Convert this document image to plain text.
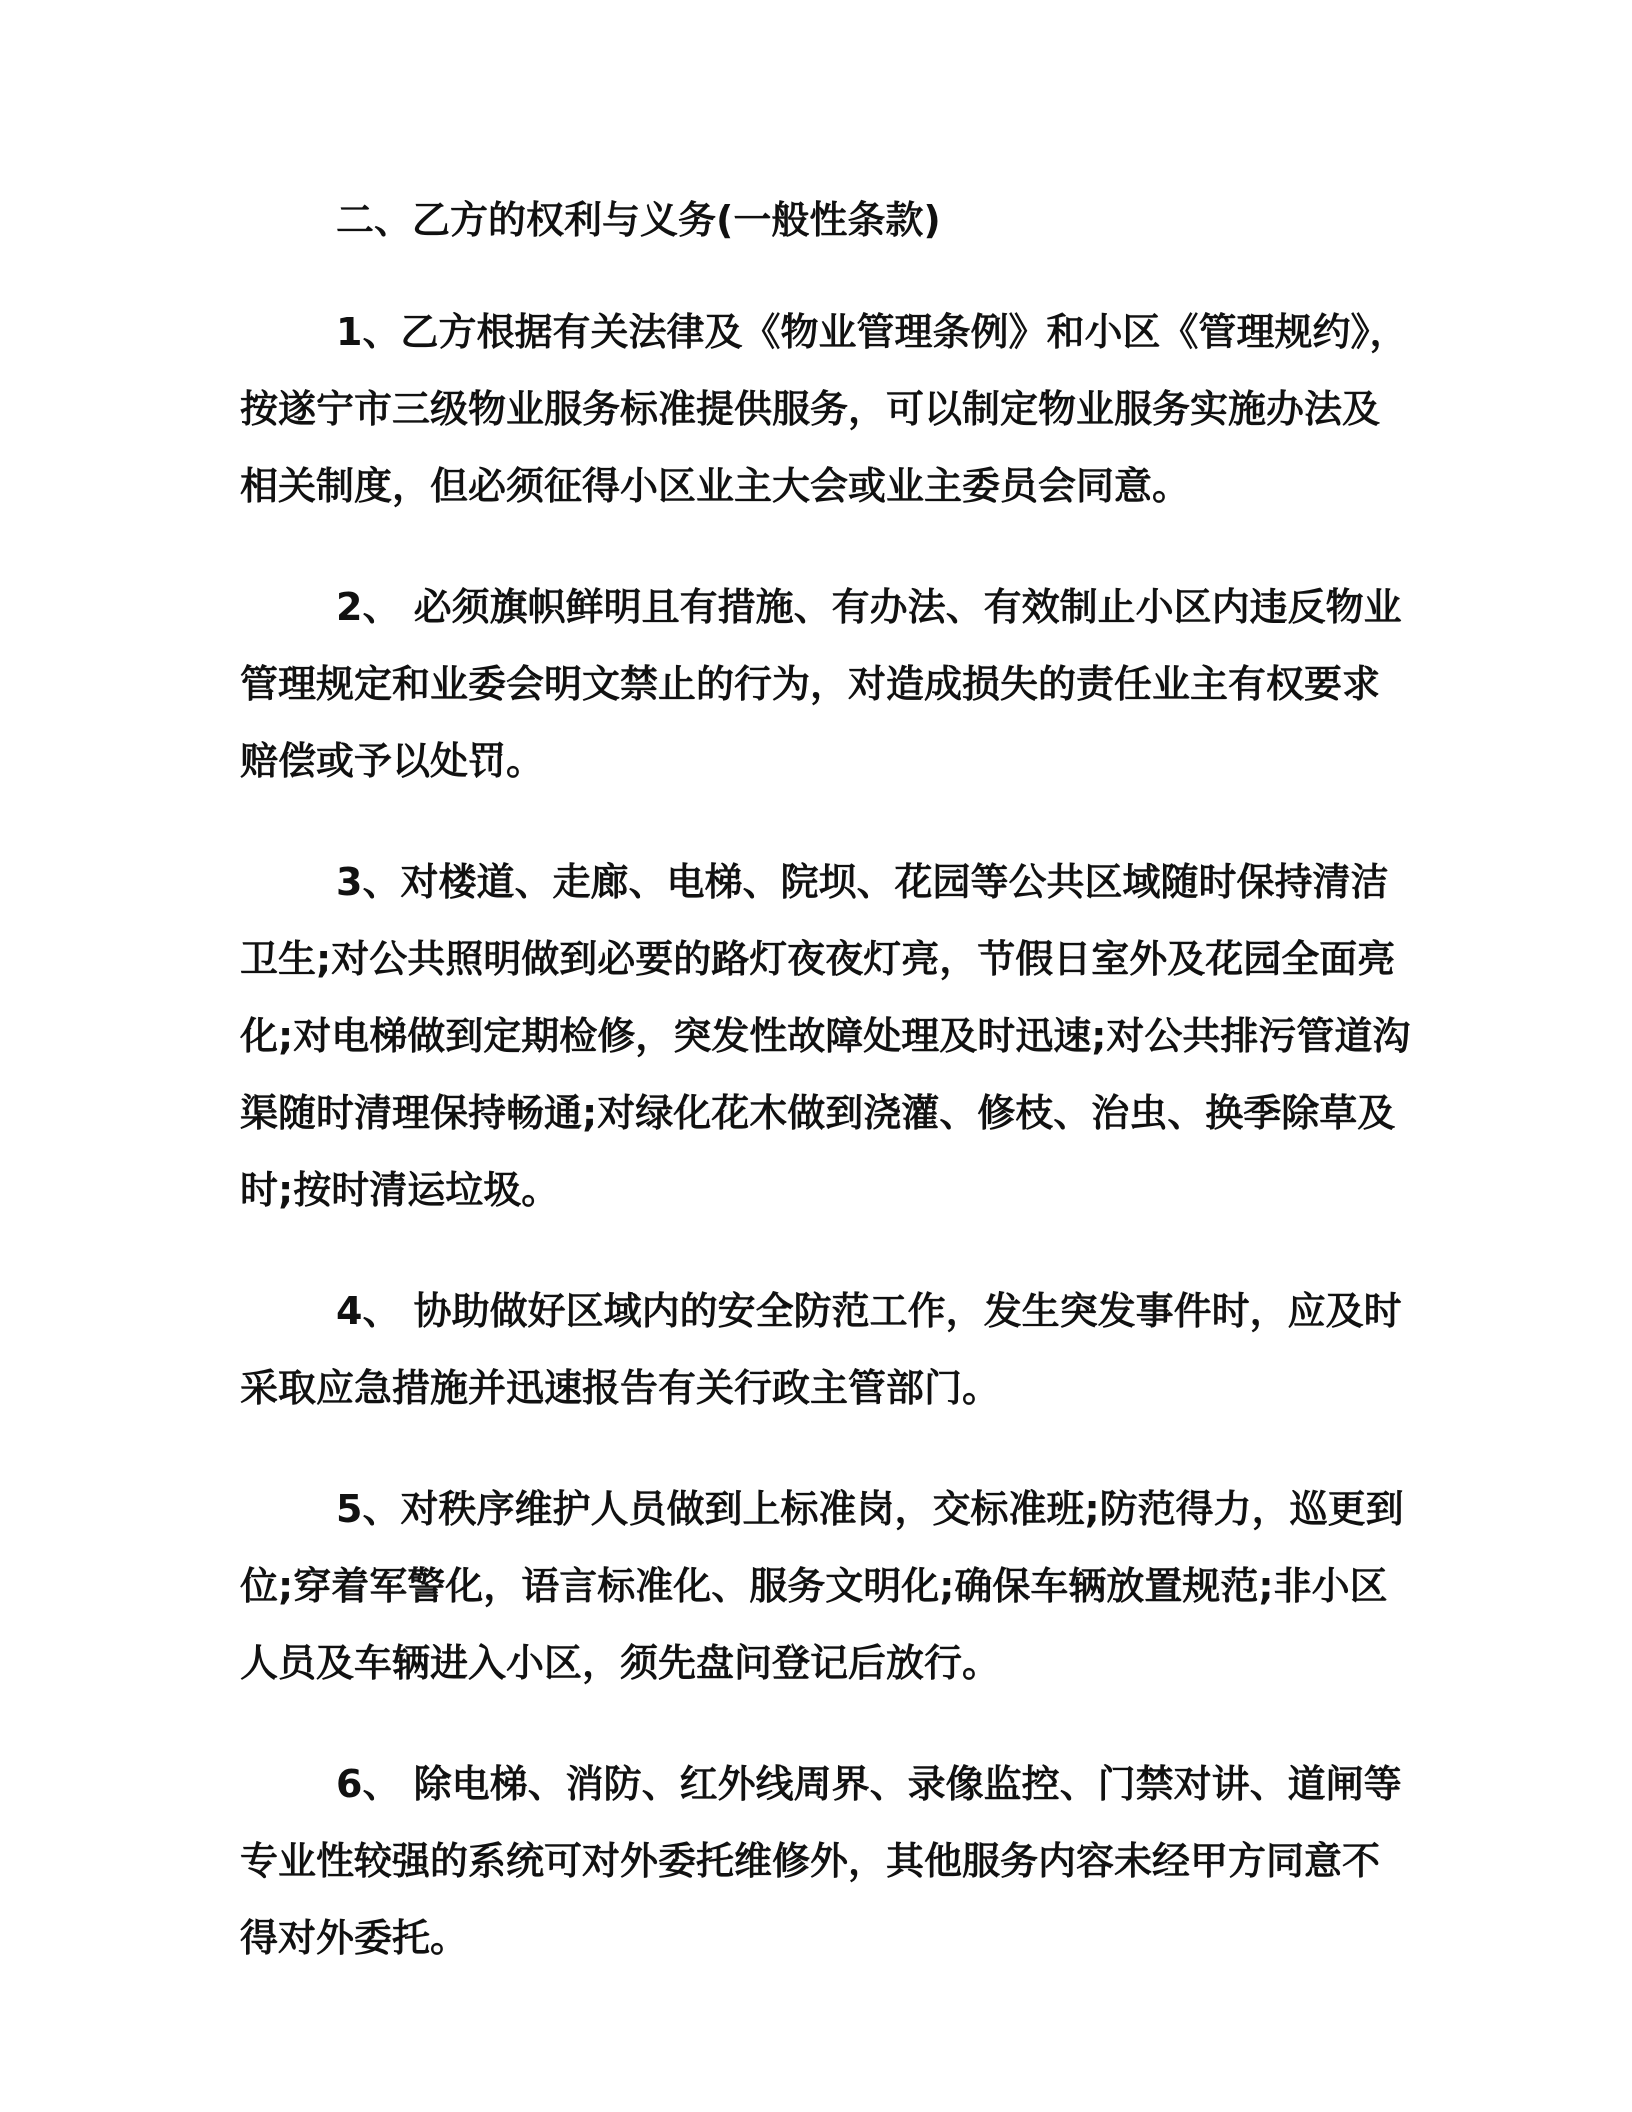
二、乙方的权利与义务(一般性条款)

1、乙方根据有关法律及《物业管理条例》和小区《管理规约》，
按遂宁市三级物业服务标准提供服务，可以制定物业服务实施办法及
相关制度，但必须征得小区业主大会或业主委员会同意。

2、 必须旗帜鲜明且有措施、有办法、有效制止小区内违反物业
管理规定和业委会明文禁止的行为，对造成损失的责任业主有权要求
赔偿或予以处罚。

3、对楼道、走廊、电梯、院坝、花园等公共区域随时保持清洁
卫生;对公共照明做到必要的路灯夜夜灯亮，节假日室外及花园全面亮
化;对电梯做到定期检修，突发性故障处理及时迅速;对公共排污管道沟
渠随时清理保持畅通;对绿化花木做到浇灌、修枝、治虫、换季除草及
时;按时清运垃圾。

4、 协助做好区域内的安全防范工作，发生突发事件时，应及时
采取应急措施并迅速报告有关行政主管部门。

5、对秩序维护人员做到上标准岗，交标准班;防范得力，巡更到
位;穿着军警化，语言标准化、服务文明化;确保车辆放置规范;非小区
人员及车辆进入小区，须先盘问登记后放行。

6、 除电梯、消防、红外线周界、录像监控、门禁对讲、道闸等
专业性较强的系统可对外委托维修外，其他服务内容未经甲方同意不
得对外委托。
